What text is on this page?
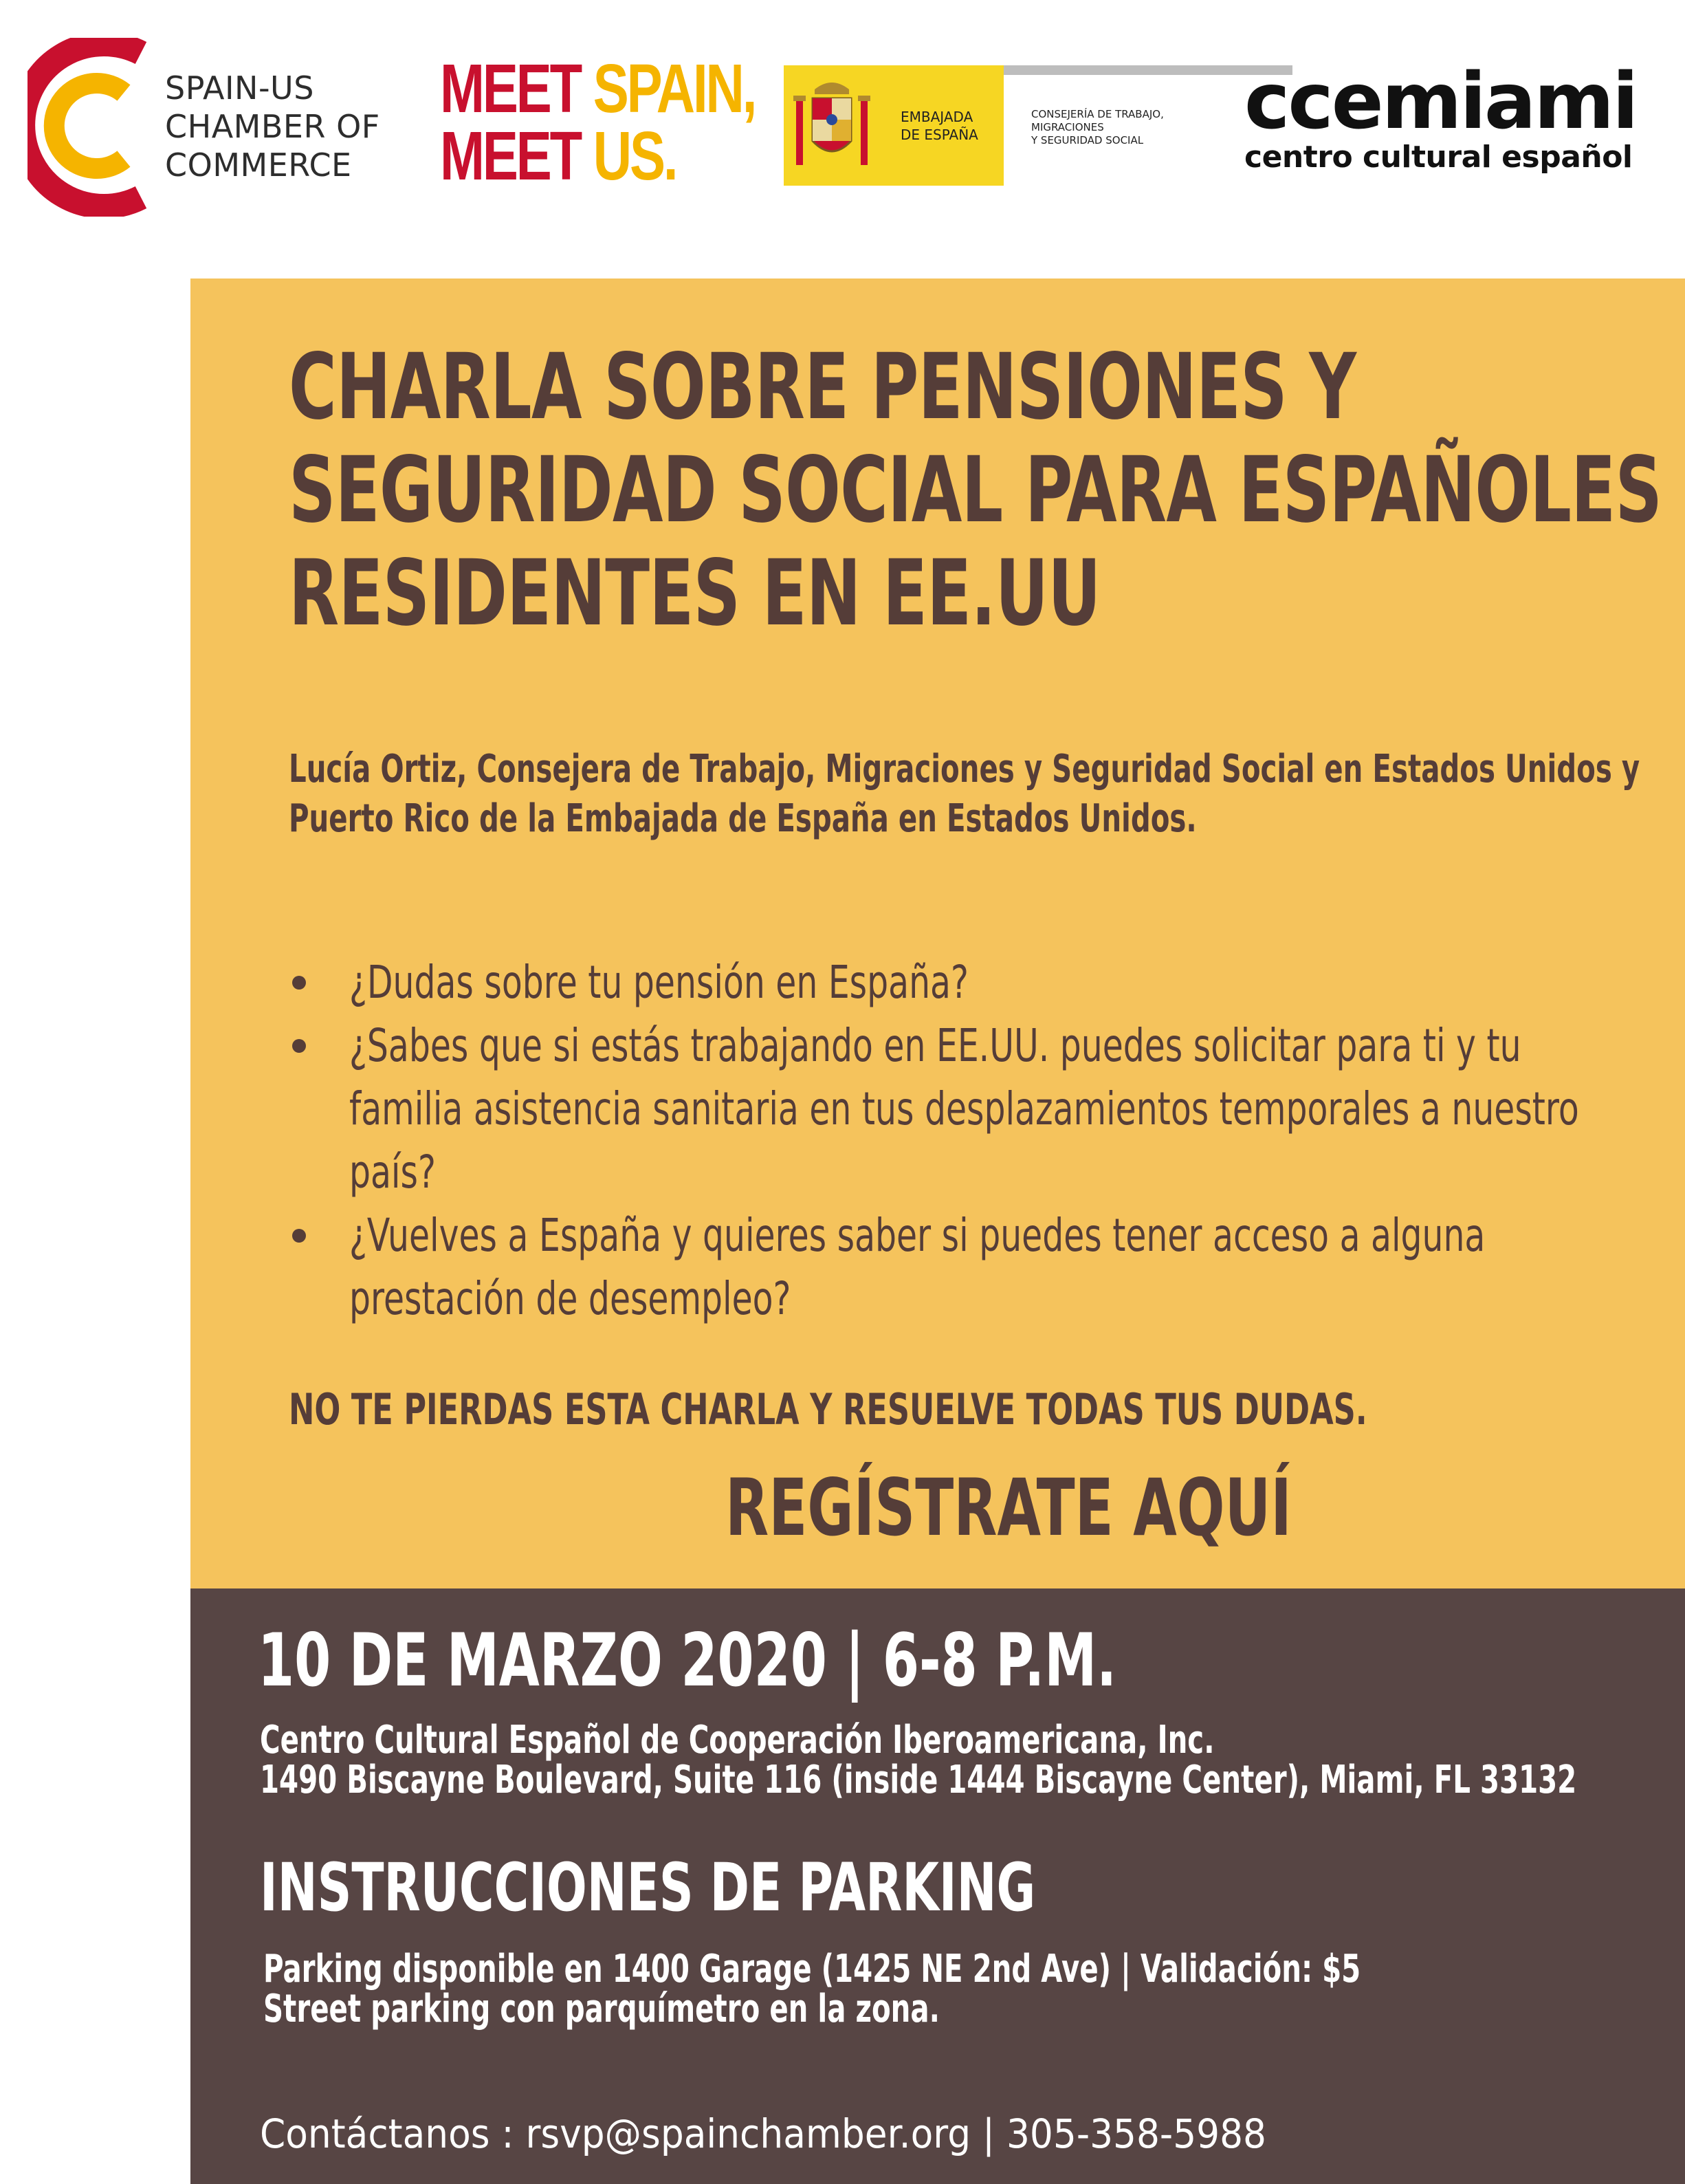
SPAIN-US
CHAMBER OF
COMMERCE
MEET SPAIN,
MEET US.
EMBAJADA
DE ESPAÑA
CONSEJERÍA DE TRABAJO,
MIGRACIONES
Y SEGURIDAD SOCIAL	ccemiami
centro cultural español
CHARLA SOBRE PENSIONES Y
SEGURIDAD SOCIAL PARA ESPAÑOLES
RESIDENTES EN EE.UU
Lucía Ortiz, Consejera de Trabajo, Migraciones y Seguridad Social en Estados Unidos y
Puerto Rico de la Embajada de España en Estados Unidos.
¿Dudas sobre tu pensión en España?
¿Sabes que si estás trabajando en EE.UU. puedes solicitar para ti y tu
familia asistencia sanitaria en tus desplazamientos temporales a nuestro
país?
¿Vuelves a España y quieres saber si puedes tener acceso a alguna
prestación de desempleo?
NO TE PIERDAS ESTA CHARLA Y RESUELVE TODAS TUS DUDAS.
REGÍSTRATE AQUÍ
10 DE MARZO 2020 | 6-8 P.M.
Centro Cultural Español de Cooperación Iberoamericana, Inc.
1490 Biscayne Boulevard, Suite 116 (inside 1444 Biscayne Center), Miami, FL 33132
INSTRUCCIONES DE PARKING
Parking disponible en 1400 Garage (1425 NE 2nd Ave) | Validación: $5
Street parking con parquímetro en la zona.
Contáctanos : rsvp@spainchamber.org | 305-358-5988
